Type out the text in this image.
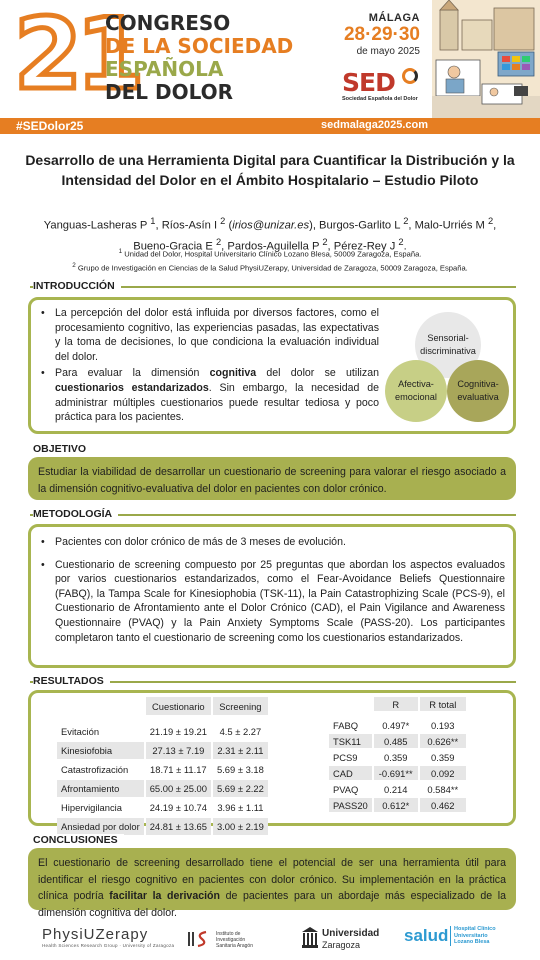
21
CONGRESO
DE LA SOCIEDAD
ESPAÑOLA
DEL DOLOR
MÁLAGA
28·29·30
de mayo 2025
SED
Sociedad Española del Dolor
#SEDolor25	sedmalaga2025.com
Desarrollo de una Herramienta Digital para Cuantificar la Distribución y la Intensidad del Dolor en el Ámbito Hospitalario – Estudio Piloto
Yanguas-Lasheras P $^1$, Ríos-Asín I $^2$ (irios@unizar.es), Burgos-Garlito L $^2$, Malo-Urriés M $^2$,
Bueno-Gracia E $^2$, Pardos-Aguilella P $^2$, Pérez-Rey J $^2$.
$^1$ Unidad del Dolor, Hospital Universitario Clínico Lozano Blesa, 50009 Zaragoza, España.
$^2$ Grupo de Investigación en Ciencias de la Salud PhysiUZerapy, Universidad de Zaragoza, 50009 Zaragoza, España.
INTRODUCCIÓN
• La percepción del dolor está influida por diversos factores, como el procesamiento cognitivo, las experiencias pasadas, las expectativas y la toma de decisiones, lo que condiciona la evaluación individual del dolor.
• Para evaluar la dimensión cognitiva del dolor se utilizan cuestionarios estandarizados. Sin embargo, la necesidad de administrar múltiples cuestionarios puede resultar tediosa y poco práctica para los pacientes.
Sensorial-discriminativa
Afectiva-emocional
Cognitiva-evaluativa
OBJETIVO
Estudiar la viabilidad de desarrollar un cuestionario de screening para valorar el riesgo asociado a la dimensión cognitivo-evaluativa del dolor en pacientes con dolor crónico.
METODOLOGÍA
• Pacientes con dolor crónico de más de 3 meses de evolución.
• Cuestionario de screening compuesto por 25 preguntas que abordan los aspectos evaluados por varios cuestionarios estandarizados, como el Fear-Avoidance Beliefs Questionnaire (FABQ), la Tampa Scale for Kinesiophobia (TSK-11), la Pain Catastrophizing Scale (PCS-9), el Cuestionario de Afrontamiento ante el Dolor Crónico (CAD), el Pain Vigilance and Awareness Questionnaire (PVAQ) y la Pain Anxiety Symptoms Scale (PASS-20). Los participantes completaron tanto el cuestionario de screening como los cuestionarios estandarizados.
RESULTADOS
	Cuestionario	Screening

Evitación	21.19 ± 19.21	4.5 ± 2.27
Kinesiofobia	27.13 ± 7.19	2.31 ± 2.11
Catastrofización	18.71 ± 11.17	5.69 ± 3.18
Afrontamiento	65.00 ± 25.00	5.69 ± 2.22
Hipervigilancia	24.19 ± 10.74	3.96 ± 1.11
Ansiedad por dolor	24.81 ± 13.65	3.00 ± 2.19
	R	R total

FABQ	0.497*	0.193
TSK11	0.485	0.626**
PCS9	0.359	0.359
CAD	-0.691**	0.092
PVAQ	0.214	0.584**
PASS20	0.612*	0.462
CONCLUSIONES
El cuestionario de screening desarrollado tiene el potencial de ser una herramienta útil para identificar el riesgo cognitivo en pacientes con dolor crónico. Su implementación en la práctica clínica podría facilitar la derivación de pacientes para un abordaje más especializado de la dimensión cognitiva del dolor.
PhysiUZerapy
Health Sciences Research Group · University of Zaragoza
Instituto de Investigación Sanitaria Aragón
Universidad
Zaragoza	salud	Hospital Clínico Universitario Lozano Blesa
